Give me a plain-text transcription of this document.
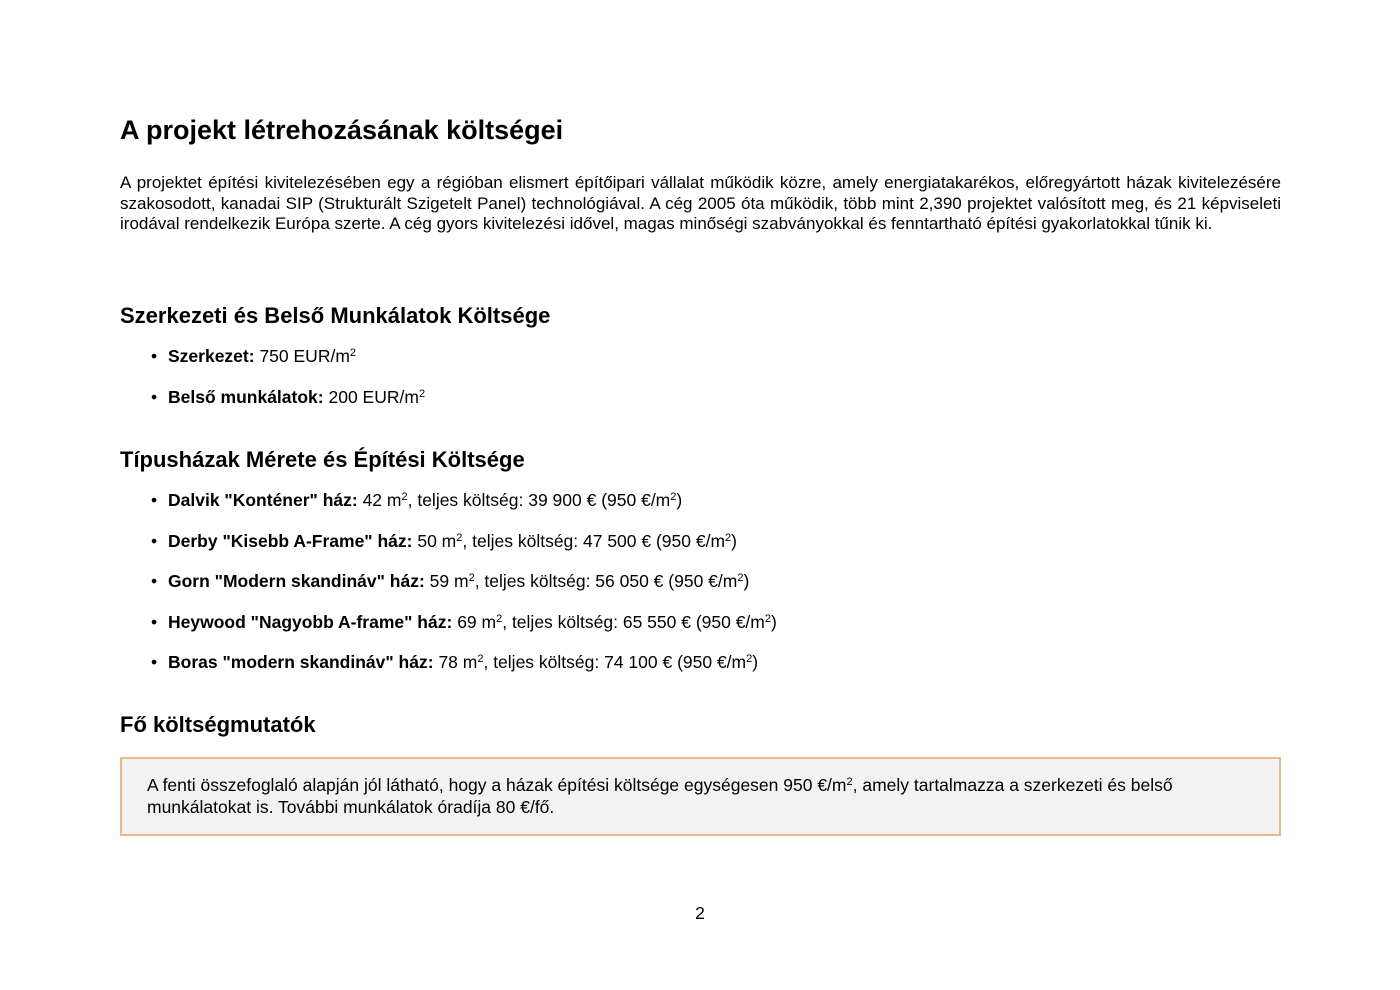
A projekt létrehozásának költségei

A projektet építési kivitelezésében egy a régióban elismert építőipari vállalat működik közre, amely energiatakarékos, előregyártott házak kivitelezésére szakosodott, kanadai SIP (Strukturált Szigetelt Panel) technológiával. A cég 2005 óta működik, több mint 2,390 projektet valósított meg, és 21 képviseleti irodával rendelkezik Európa szerte. A cég gyors kivitelezési idővel, magas minőségi szabványokkal és fenntartható építési gyakorlatokkal tűnik ki.

Szerkezeti és Belső Munkálatok Költsége
• Szerkezet: 750 EUR/$m^2$
• Belső munkálatok: 200 EUR/$m^2$
Típusházak Mérete és Építési Költsége
• Dalvik "Konténer" ház: 42 $m^2$, teljes költség: 39 900 € (950 $€/m^2$)
• Derby "Kisebb A-Frame" ház: 50 $m^2$, teljes költség: 47 500 € (950 $€/m^2$)
• Gorn "Modern skandináv" ház: 59 $m^2$, teljes költség: 56 050 € (950 $€/m^2$)
• Heywood "Nagyobb A-frame" ház: 69 $m^2$, teljes költség: 65 550 € (950 $€/m^2$)
• Boras "modern skandináv" ház: 78 $m^2$, teljes költség: 74 100 € (950 $€/m^2$)
Fő költségmutatók

A fenti összefoglaló alapján jól látható, hogy a házak építési költsége egységesen 950 $€/m^2$, amely tartalmazza a szerkezeti és belső munkálatokat is. További munkálatok óradíja 80 €/fő.

2
